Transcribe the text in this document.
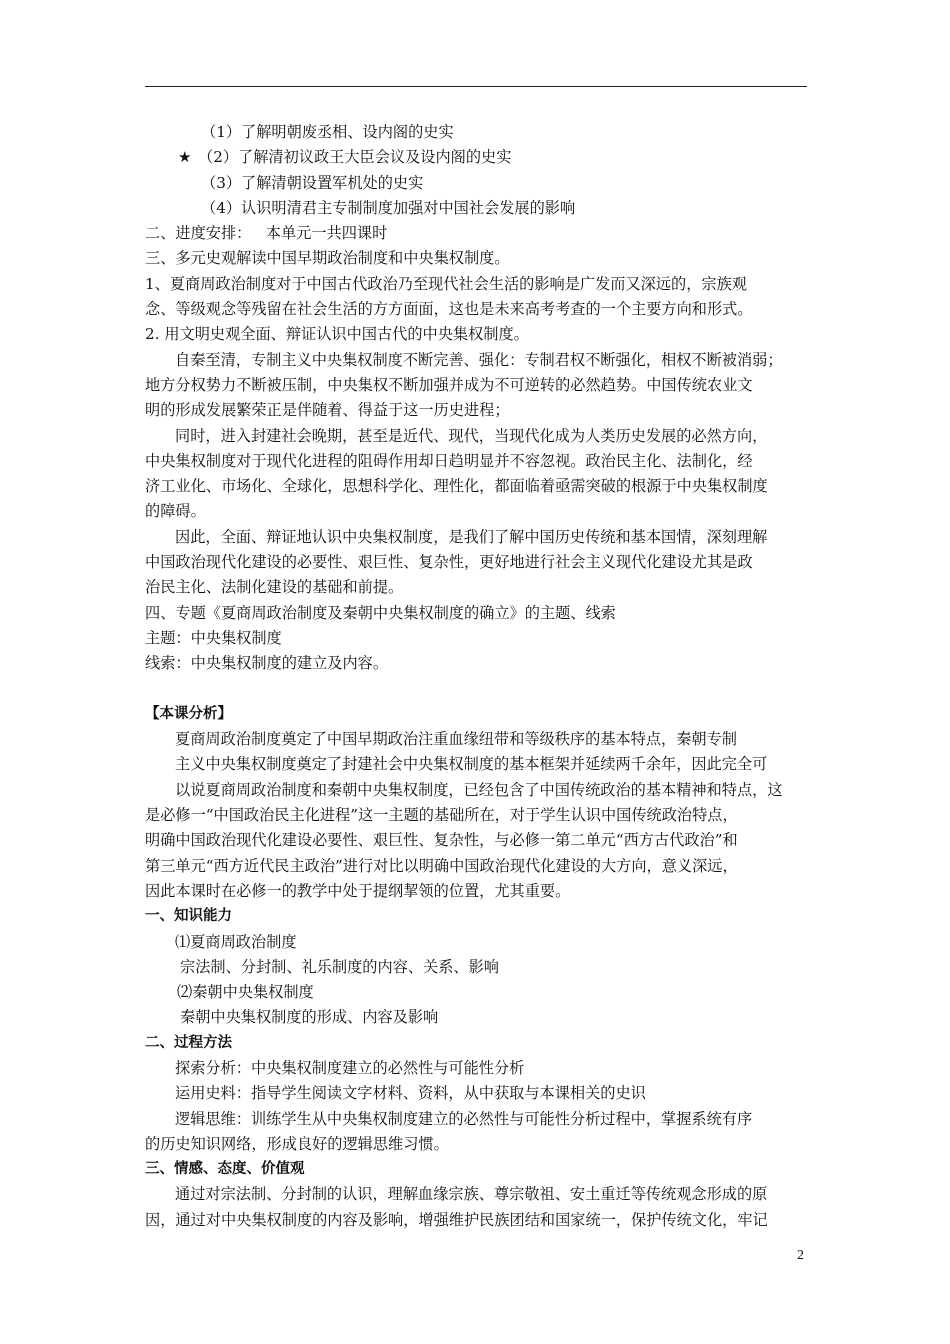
（1）了解明朝废丞相、设内阁的史实
★ （2）了解清初议政王大臣会议及设内阁的史实
（3）了解清朝设置军机处的史实
（4）认识明清君主专制制度加强对中国社会发展的影响
二、进度安排：   本单元一共四课时
三、多元史观解读中国早期政治制度和中央集权制度。
1、夏商周政治制度对于中国古代政治乃至现代社会生活的影响是广发而又深远的，宗族观
念、等级观念等残留在社会生活的方方面面，这也是未来高考考查的一个主要方向和形式。
2. 用文明史观全面、辩证认识中国古代的中央集权制度。
自秦至清，专制主义中央集权制度不断完善、强化：专制君权不断强化，相权不断被消弱；
地方分权势力不断被压制，中央集权不断加强并成为不可逆转的必然趋势。中国传统农业文
明的形成发展繁荣正是伴随着、得益于这一历史进程；
同时，进入封建社会晚期，甚至是近代、现代，当现代化成为人类历史发展的必然方向，
中央集权制度对于现代化进程的阻碍作用却日趋明显并不容忽视。政治民主化、法制化，经
济工业化、市场化、全球化，思想科学化、理性化，都面临着亟需突破的根源于中央集权制度
的障碍。
因此，全面、辩证地认识中央集权制度，是我们了解中国历史传统和基本国情，深刻理解
中国政治现代化建设的必要性、艰巨性、复杂性，更好地进行社会主义现代化建设尤其是政
治民主化、法制化建设的基础和前提。
四、专题《夏商周政治制度及秦朝中央集权制度的确立》的主题、线索
主题：中央集权制度
线索：中央集权制度的建立及内容。
【本课分析】
夏商周政治制度奠定了中国早期政治注重血缘纽带和等级秩序的基本特点，秦朝专制
主义中央集权制度奠定了封建社会中央集权制度的基本框架并延续两千余年，因此完全可
以说夏商周政治制度和秦朝中央集权制度，已经包含了中国传统政治的基本精神和特点，这
是必修一“中国政治民主化进程”这一主题的基础所在，对于学生认识中国传统政治特点，
明确中国政治现代化建设必要性、艰巨性、复杂性，与必修一第二单元“西方古代政治”和
第三单元“西方近代民主政治”进行对比以明确中国政治现代化建设的大方向，意义深远，
因此本课时在必修一的教学中处于提纲挈领的位置，尤其重要。
一、知识能力
⑴夏商周政治制度
宗法制、分封制、礼乐制度的内容、关系、影响
⑵秦朝中央集权制度
秦朝中央集权制度的形成、内容及影响
二、过程方法
探索分析：中央集权制度建立的必然性与可能性分析
运用史料：指导学生阅读文字材料、资料，从中获取与本课相关的史识
逻辑思维：训练学生从中央集权制度建立的必然性与可能性分析过程中，掌握系统有序
的历史知识网络，形成良好的逻辑思维习惯。
三、情感、态度、价值观
通过对宗法制、分封制的认识，理解血缘宗族、尊宗敬祖、安土重迁等传统观念形成的原
因，通过对中央集权制度的内容及影响，增强维护民族团结和国家统一，保护传统文化，牢记
2
